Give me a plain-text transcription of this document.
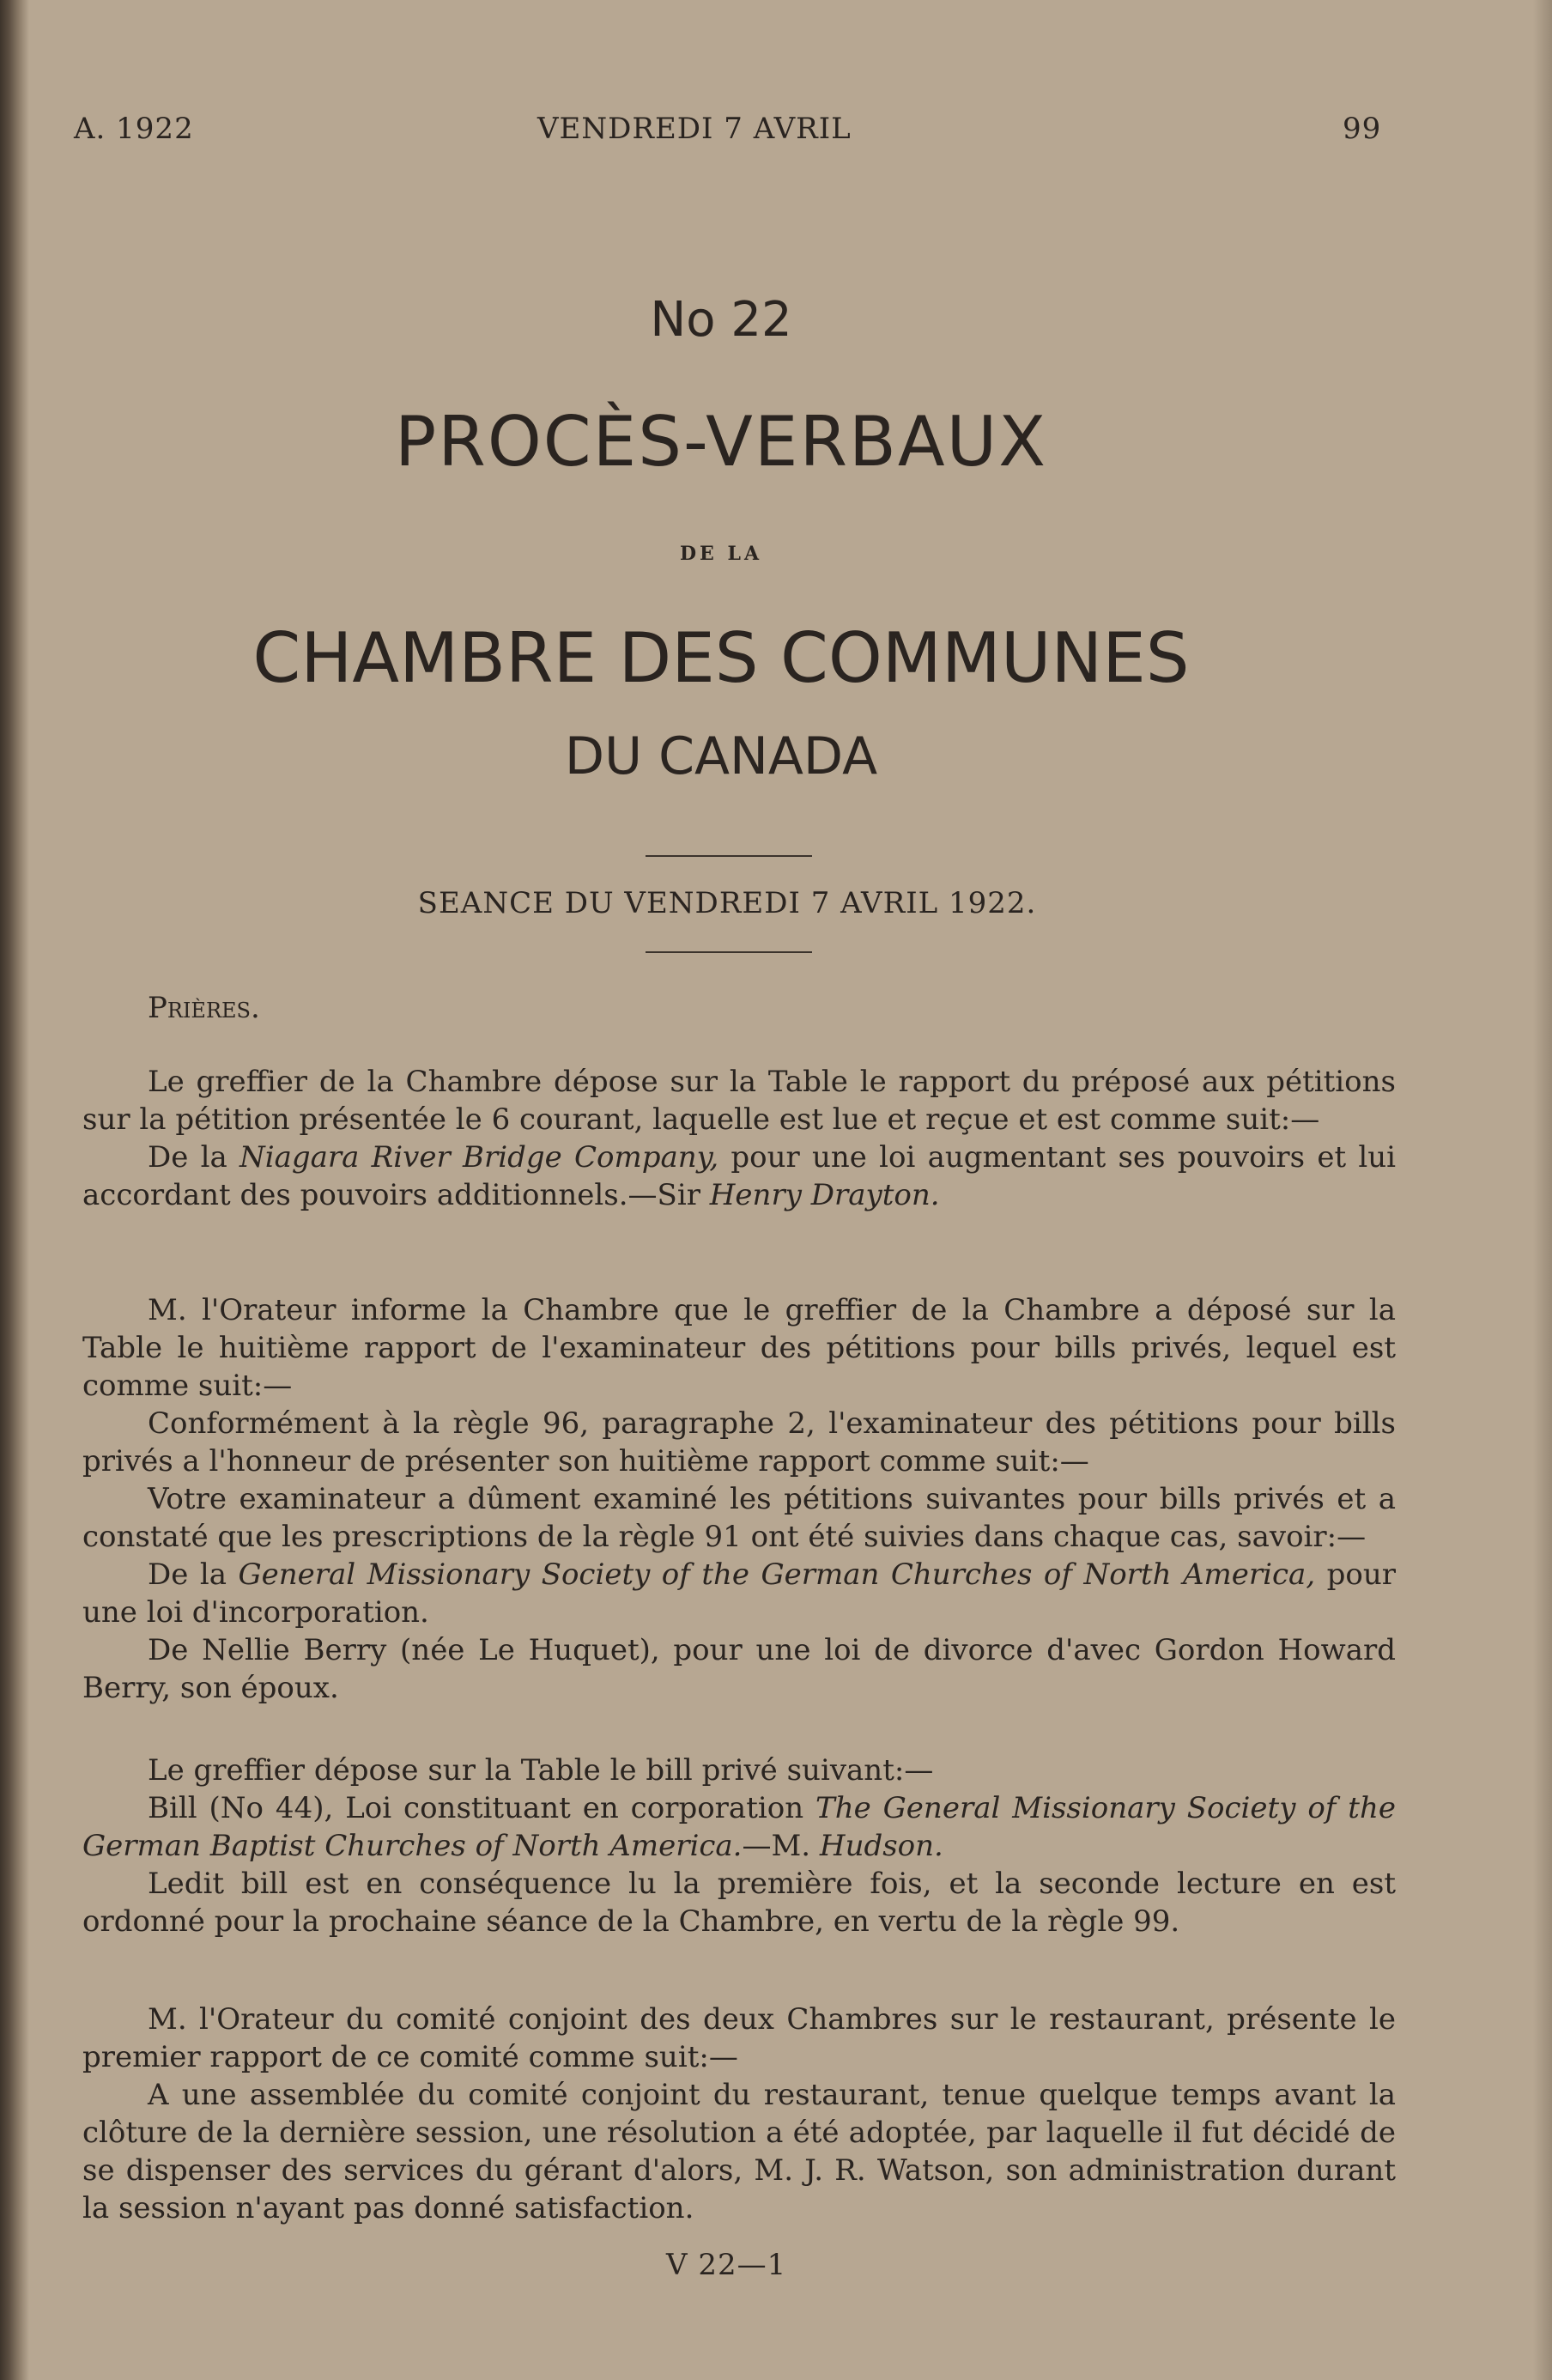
A. 1922	VENDREDI 7 AVRIL	99
No 22
PROCÈS-VERBAUX
DE LA
CHAMBRE DES COMMUNES
DU CANADA
SEANCE DU VENDREDI 7 AVRIL 1922.

Prières.

Le greffier de la Chambre dépose sur la Table le rapport du préposé aux pétitions sur la pétition présentée le 6 courant, laquelle est lue et reçue et est comme suit:—

De la Niagara River Bridge Company, pour une loi augmentant ses pouvoirs et lui accordant des pouvoirs additionnels.—Sir Henry Drayton.

M. l'Orateur informe la Chambre que le greffier de la Chambre a déposé sur la Table le huitième rapport de l'examinateur des pétitions pour bills privés, lequel est comme suit:—

Conformément à la règle 96, paragraphe 2, l'examinateur des pétitions pour bills privés a l'honneur de présenter son huitième rapport comme suit:—

Votre examinateur a dûment examiné les pétitions suivantes pour bills privés et a constaté que les prescriptions de la règle 91 ont été suivies dans chaque cas, savoir:—

De la General Missionary Society of the German Churches of North America, pour une loi d'incorporation.

De Nellie Berry (née Le Huquet), pour une loi de divorce d'avec Gordon Howard Berry, son époux.

Le greffier dépose sur la Table le bill privé suivant:—

Bill (No 44), Loi constituant en corporation The General Missionary Society of the German Baptist Churches of North America.—M. Hudson.

Ledit bill est en conséquence lu la première fois, et la seconde lecture en est ordonné pour la prochaine séance de la Chambre, en vertu de la règle 99.

M. l'Orateur du comité conjoint des deux Chambres sur le restaurant, présente le premier rapport de ce comité comme suit:—

A une assemblée du comité conjoint du restaurant, tenue quelque temps avant la clôture de la dernière session, une résolution a été adoptée, par laquelle il fut décidé de se dispenser des services du gérant d'alors, M. J. R. Watson, son administration durant la session n'ayant pas donné satisfaction.

V 22—1
